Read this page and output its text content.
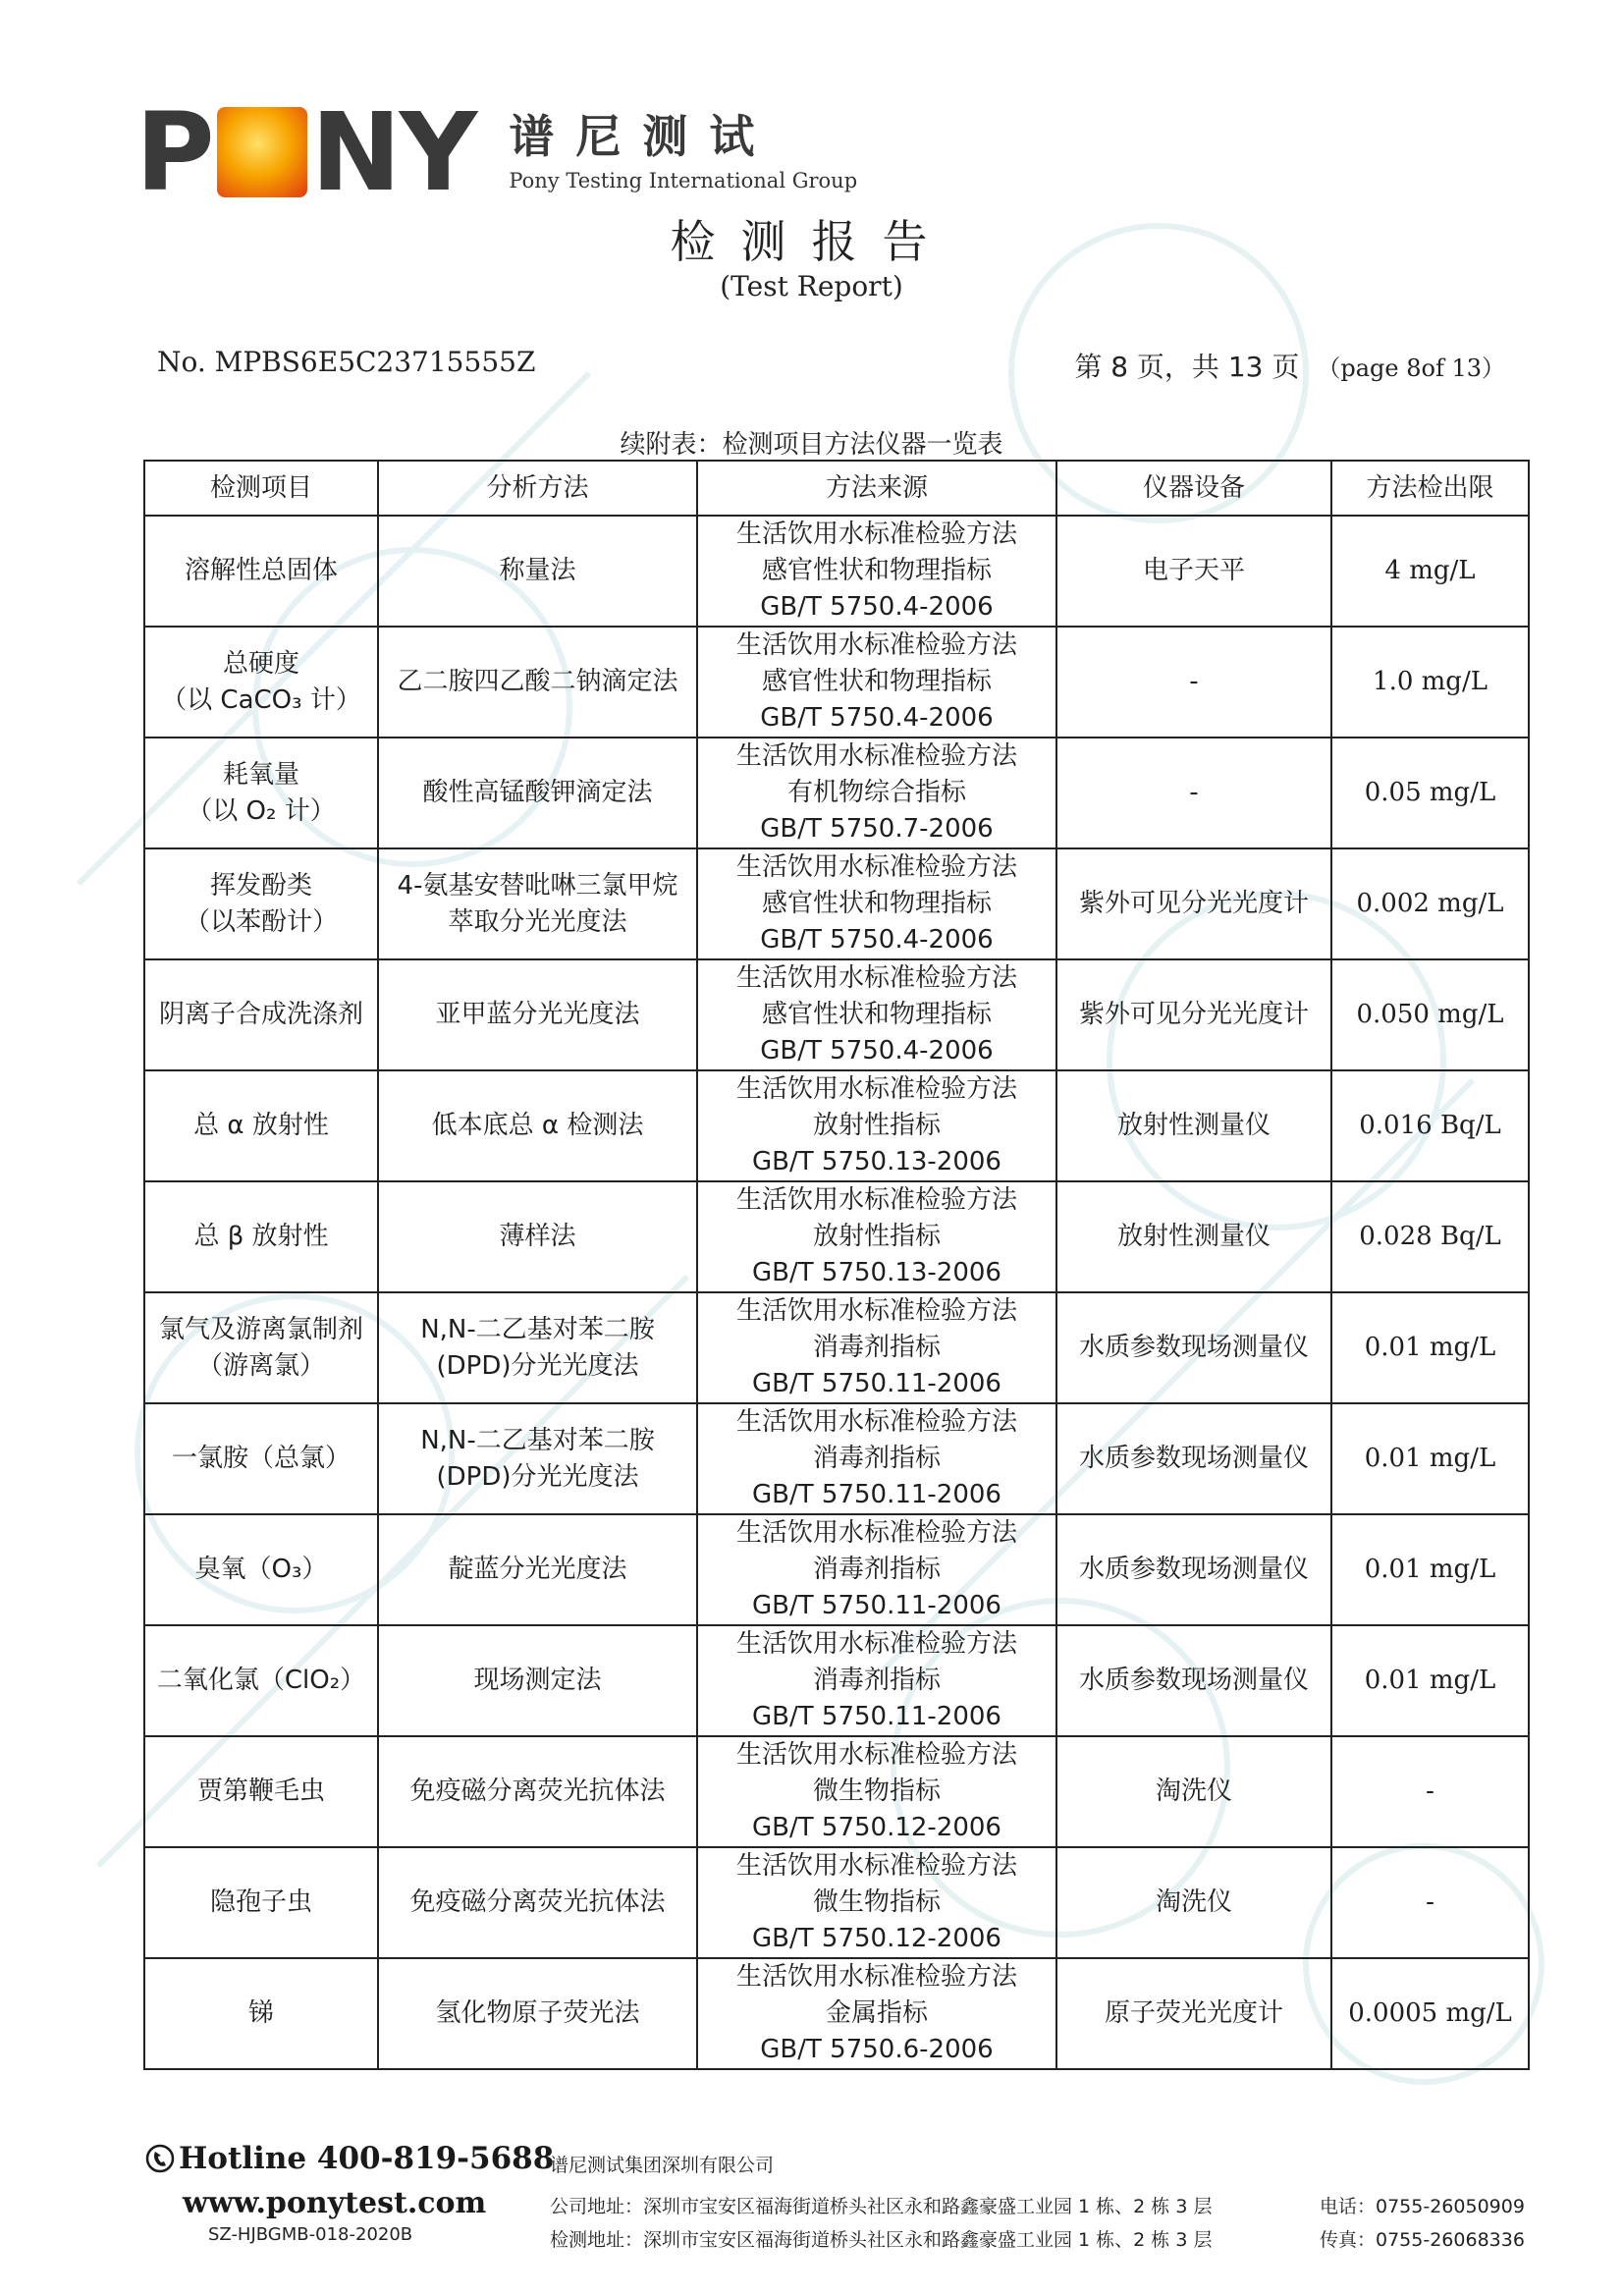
P NY 谱尼测试
Pony Testing International Group
检测报告
(Test Report)
No. MPBS6E5C23715555Z	第 8 页，共 13 页 （page 8of 13）
续附表：检测项目方法仪器一览表
检测项目	分析方法	方法来源	仪器设备	方法检出限

溶解性总固体	称量法	生活饮用水标准检验方法
感官性状和物理指标
GB/T 5750.4-2006	电子天平	4 mg/L

总硬度
（以 CaCO₃ 计）	乙二胺四乙酸二钠滴定法	生活饮用水标准检验方法
感官性状和物理指标
GB/T 5750.4-2006	-	1.0 mg/L

耗氧量
（以 O₂ 计）	酸性高锰酸钾滴定法	生活饮用水标准检验方法
有机物综合指标
GB/T 5750.7-2006	-	0.05 mg/L

挥发酚类
（以苯酚计）	4-氨基安替吡啉三氯甲烷萃取分光光度法	生活饮用水标准检验方法
感官性状和物理指标
GB/T 5750.4-2006	紫外可见分光光度计	0.002 mg/L

阴离子合成洗涤剂	亚甲蓝分光光度法	生活饮用水标准检验方法
感官性状和物理指标
GB/T 5750.4-2006	紫外可见分光光度计	0.050 mg/L

总 α 放射性	低本底总 α 检测法	生活饮用水标准检验方法
放射性指标
GB/T 5750.13-2006	放射性测量仪	0.016 Bq/L

总 β 放射性	薄样法	生活饮用水标准检验方法
放射性指标
GB/T 5750.13-2006	放射性测量仪	0.028 Bq/L

氯气及游离氯制剂（游离氯）	N,N-二乙基对苯二胺(DPD)分光光度法	生活饮用水标准检验方法
消毒剂指标
GB/T 5750.11-2006	水质参数现场测量仪	0.01 mg/L

一氯胺（总氯）	N,N-二乙基对苯二胺(DPD)分光光度法	生活饮用水标准检验方法
消毒剂指标
GB/T 5750.11-2006	水质参数现场测量仪	0.01 mg/L

臭氧（O₃）	靛蓝分光光度法	生活饮用水标准检验方法
消毒剂指标
GB/T 5750.11-2006	水质参数现场测量仪	0.01 mg/L

二氧化氯（ClO₂）	现场测定法	生活饮用水标准检验方法
消毒剂指标
GB/T 5750.11-2006	水质参数现场测量仪	0.01 mg/L

贾第鞭毛虫	免疫磁分离荧光抗体法	生活饮用水标准检验方法
微生物指标
GB/T 5750.12-2006	淘洗仪	-

隐孢子虫	免疫磁分离荧光抗体法	生活饮用水标准检验方法
微生物指标
GB/T 5750.12-2006	淘洗仪	-

锑	氢化物原子荧光法	生活饮用水标准检验方法
金属指标
GB/T 5750.6-2006	原子荧光光度计	0.0005 mg/L
Hotline 400-819-5688
www.ponytest.com
SZ-HJBGMB-018-2020B
谱尼测试集团深圳有限公司
公司地址：深圳市宝安区福海街道桥头社区永和路鑫豪盛工业园 1 栋、2 栋 3 层
检测地址：深圳市宝安区福海街道桥头社区永和路鑫豪盛工业园 1 栋、2 栋 3 层
电话：0755-26050909
传真：0755-26068336
